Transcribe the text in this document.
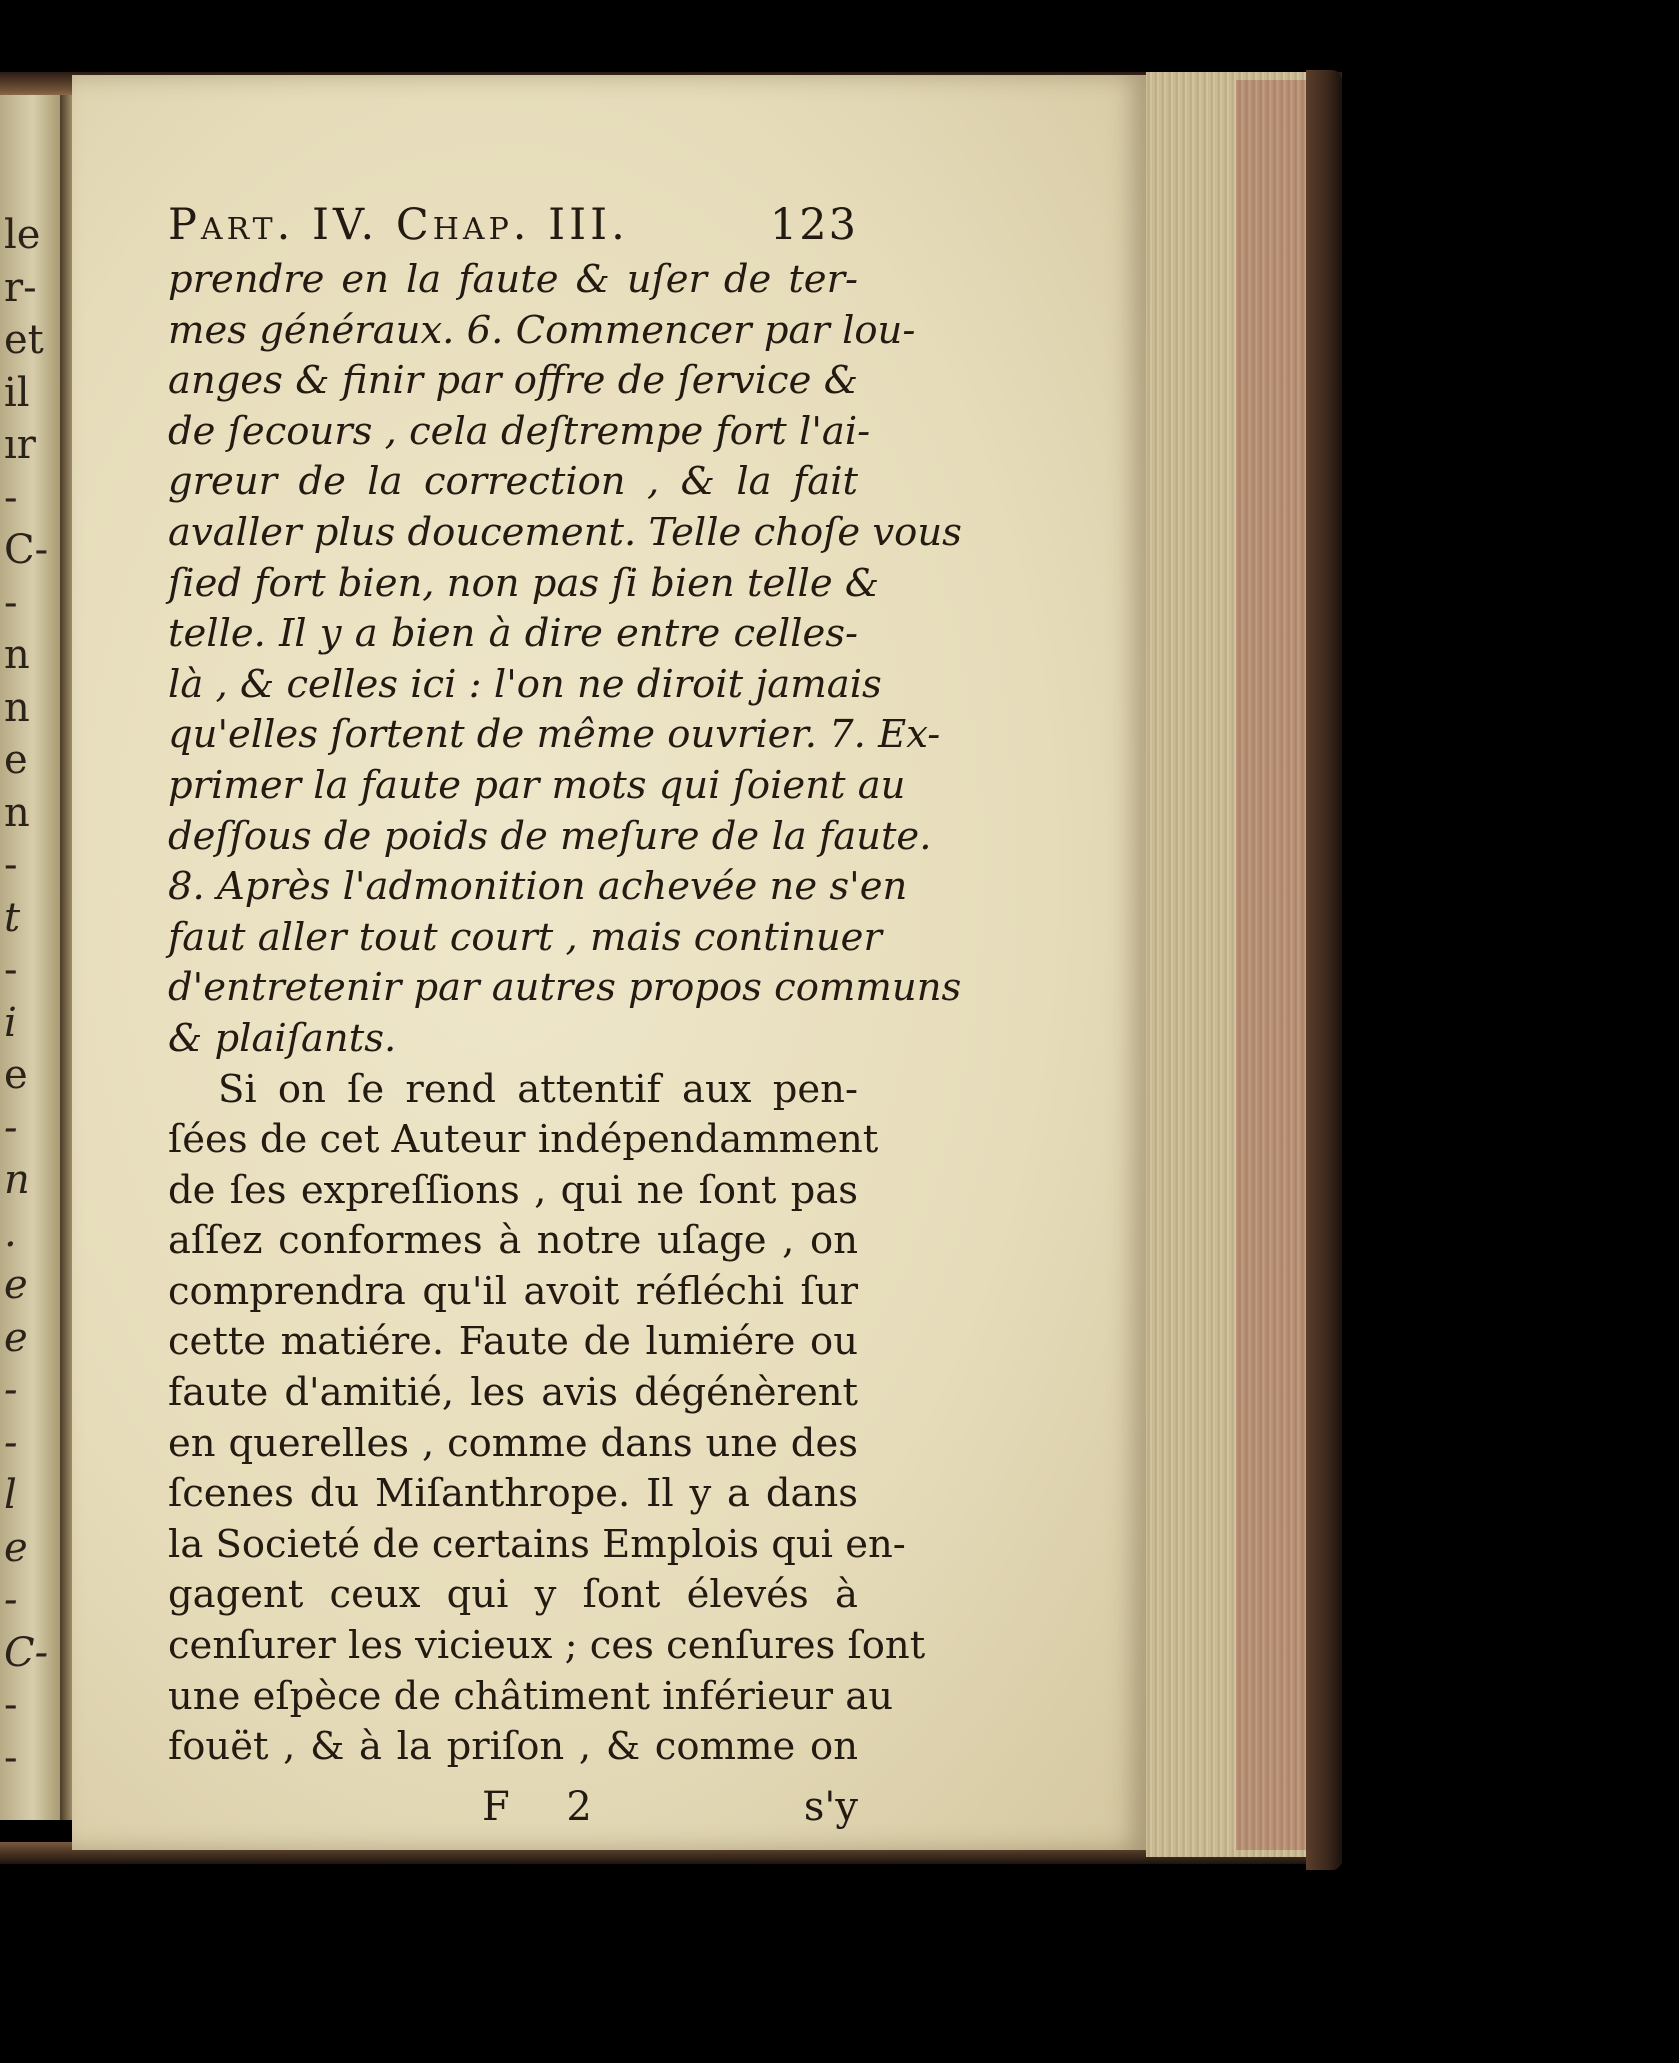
le
r-
et
il
ır
-
C-
-
n
n
e
n
-
t
-
i
e
-
n
.
e
e
-
-
l
e
-
C-
-
-
Part. IV. Chap. III.	123
prendre en la faute & uſer de ter-
mes généraux. 6. Commencer par lou-
anges & finir par offre de ſervice &
de ſecours , cela deſtrempe fort l'ai-
greur de la correction , & la fait
avaller plus doucement. Telle choſe vous
ſied fort bien, non pas ſi bien telle &
telle. Il y a bien à dire entre celles-
là , & celles ici : l'on ne diroit jamais
qu'elles ſortent de même ouvrier. 7. Ex-
primer la faute par mots qui ſoient au
deſſous de poids de meſure de la faute.
8. Après l'admonition achevée ne s'en
faut aller tout court , mais continuer
d'entretenir par autres propos communs
& plaiſants.
Si on ſe rend attentif aux pen-
ſées de cet Auteur indépendamment
de ſes expreſſions , qui ne ſont pas
aſſez conformes à notre uſage , on
comprendra qu'il avoit réfléchi ſur
cette matiére. Faute de lumiére ou
faute d'amitié, les avis dégénèrent
en querelles , comme dans une des
ſcenes du Miſanthrope. Il y a dans
la Societé de certains Emplois qui en-
gagent ceux qui y ſont élevés à
cenſurer les vicieux ; ces cenſures ſont
une eſpèce de châtiment inférieur au
fouët , & à la priſon , & comme on
F 2	s'y
